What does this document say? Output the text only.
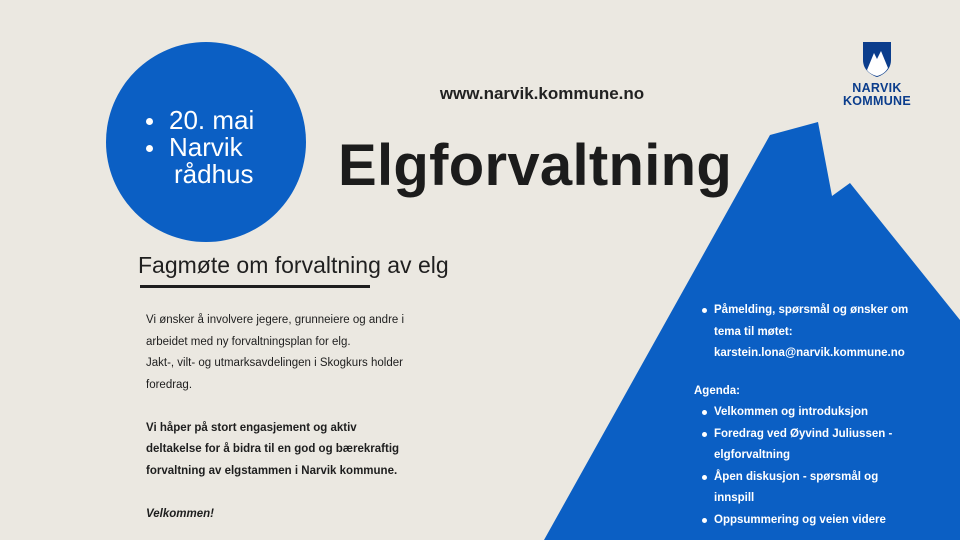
20. mai
Narvik
rådhus
www.narvik.kommune.no
Elgforvaltning
Fagmøte om forvaltning av elg

Vi ønsker å involvere jegere, grunneiere og andre i

arbeidet med ny forvaltningsplan for elg.

Jakt-, vilt- og utmarksavdelingen i Skogkurs holder

foredrag.

Vi håper på stort engasjement og aktiv

deltakelse for å bidra til en god og bærekraftig

forvaltning av elgstammen i Narvik kommune.

Velkommen!

NARVIK
KOMMUNE
Påmelding, spørsmål og ønsker om
tema til møtet:
karstein.lona@narvik.kommune.no
Agenda:
Velkommen og introduksjon
Foredrag ved Øyvind Juliussen -
elgforvaltning
Åpen diskusjon - spørsmål og
innspill
Oppsummering og veien videre
